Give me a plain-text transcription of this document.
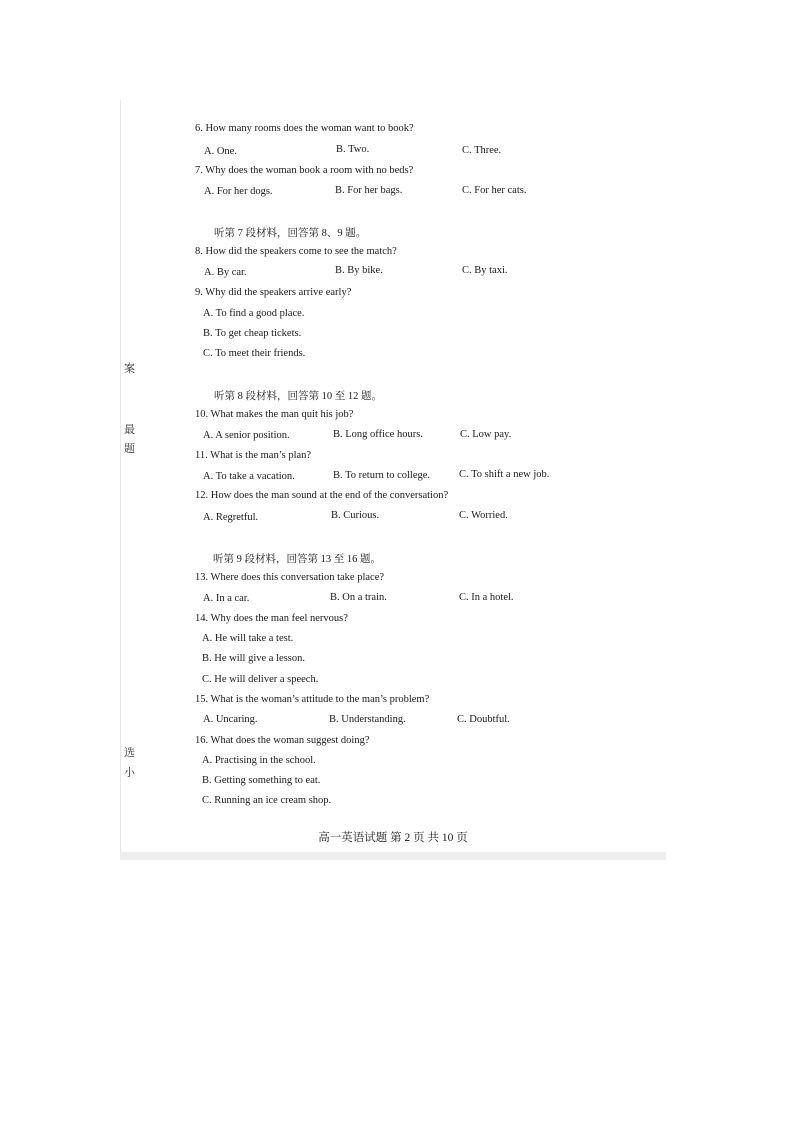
案
最
题
选
小
6. How many rooms does the woman want to book?
A. One.	B. Two.	C. Three.
7. Why does the woman book a room with no beds?
A. For her dogs.	B. For her bags.	C. For her cats.
听第 7 段材料，回答第 8、9 题。
8. How did the speakers come to see the match?
A. By car.	B. By bike.	C. By taxi.
9. Why did the speakers arrive early?
A. To find a good place.
B. To get cheap tickets.
C. To meet their friends.
听第 8 段材料，回答第 10 至 12 题。
10. What makes the man quit his job?
A. A senior position.	B. Long office hours.	C. Low pay.
11. What is the man’s plan?
A. To take a vacation.	B. To return to college.	C. To shift a new job.
12. How does the man sound at the end of the conversation?
A. Regretful.	B. Curious.	C. Worried.
听第 9 段材料，回答第 13 至 16 题。
13. Where does this conversation take place?
A. In a car.	B. On a train.	C. In a hotel.
14. Why does the man feel nervous?
A. He will take a test.
B. He will give a lesson.
C. He will deliver a speech.
15. What is the woman’s attitude to the man’s problem?
A. Uncaring.	B. Understanding.	C. Doubtful.
16. What does the woman suggest doing?
A. Practising in the school.
B. Getting something to eat.
C. Running an ice cream shop.
高一英语试题 第 2 页 共 10 页
